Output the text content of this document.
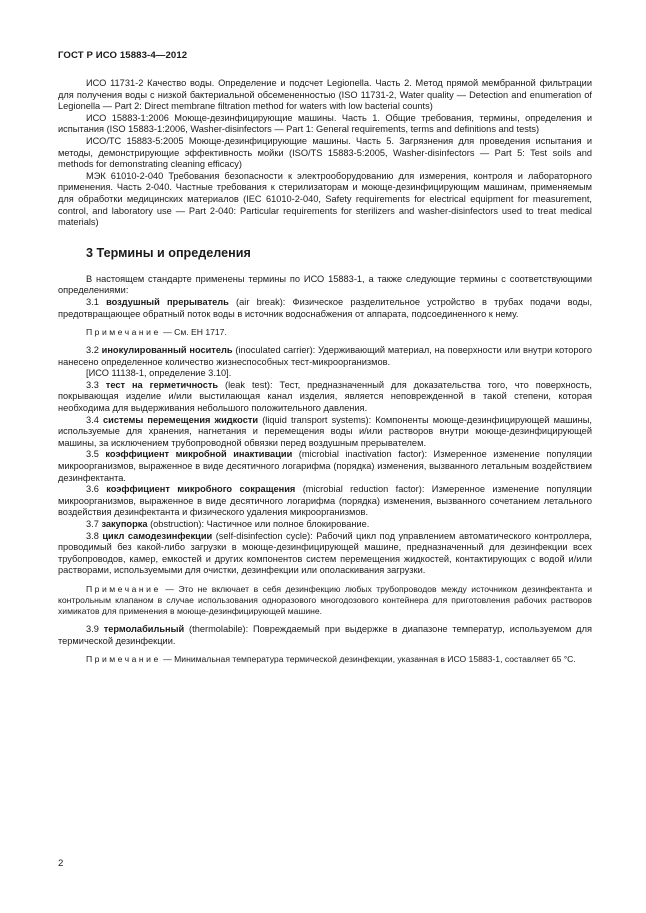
ГОСТ Р ИСО 15883-4—2012

ИСО 11731-2 Качество воды. Определение и подсчет Legionella. Часть 2. Метод прямой мембранной фильтрации для получения воды с низкой бактериальной обсемененностью (ISO 11731-2, Water quality — Detection and enumeration of Legionella — Part 2: Direct membrane filtration method for waters with low bacterial counts)

ИСО 15883-1:2006 Моюще-дезинфицирующие машины. Часть 1. Общие требования, термины, определения и испытания (ISO 15883-1:2006, Washer-disinfectors — Part 1: General requirements, terms and definitions and tests)

ИСО/ТС 15883-5:2005 Моюще-дезинфицирующие машины. Часть 5. Загрязнения для проведения испытания и методы, демонстрирующие эффективность мойки (ISO/TS 15883-5:2005, Washer-disinfectors — Part 5: Test soils and methods for demonstrating cleaning efficacy)

МЭК 61010-2-040 Требования безопасности к электрооборудованию для измерения, контроля и лабораторного применения. Часть 2-040. Частные требования к стерилизаторам и моюще-дезинфицирующим машинам, применяемым для обработки медицинских материалов (IEC 61010-2-040, Safety requirements for electrical equipment for measurement, control, and laboratory use — Part 2-040: Particular requirements for sterilizers and washer-disinfectors used to treat medical materials)

3 Термины и определения

В настоящем стандарте применены термины по ИСО 15883-1, а также следующие термины с соответствующими определениями:

3.1 воздушный прерыватель (air break): Физическое разделительное устройство в трубах подачи воды, предотвращающее обратный поток воды в источник водоснабжения от аппарата, подсоединенного к нему.

Примечание — См. ЕН 1717.

3.2 инокулированный носитель (inoculated carrier): Удерживающий материал, на поверхности или внутри которого нанесено определенное количество жизнеспособных тест-микроорганизмов.

[ИСО 11138-1, определение 3.10].

3.3 тест на герметичность (leak test): Тест, предназначенный для доказательства того, что поверхность, покрывающая изделие и/или выстилающая канал изделия, является неповрежденной в такой степени, которая необходима для выдерживания небольшого положительного давления.

3.4 системы перемещения жидкости (liquid transport systems): Компоненты моюще-дезинфицирующей машины, используемые для хранения, нагнетания и перемещения воды и/или растворов внутри моюще-дезинфицирующей машины, за исключением трубопроводной обвязки перед воздушным прерывателем.

3.5 коэффициент микробной инактивации (microbial inactivation factor): Измеренное изменение популяции микроорганизмов, выраженное в виде десятичного логарифма (порядка) изменения, вызванного летальным воздействием дезинфектанта.

3.6 коэффициент микробного сокращения (microbial reduction factor): Измеренное изменение популяции микроорганизмов, выраженное в виде десятичного логарифма (порядка) изменения, вызванного сочетанием летального воздействия дезинфектанта и физического удаления микроорганизмов.

3.7 закупорка (obstruction): Частичное или полное блокирование.

3.8 цикл самодезинфекции (self-disinfection cycle): Рабочий цикл под управлением автоматического контроллера, проводимый без какой-либо загрузки в моюще-дезинфицирующей машине, предназначенный для дезинфекции всех трубопроводов, камер, емкостей и других компонентов систем перемещения жидкостей, контактирующих с водой и/или растворами, используемыми для очистки, дезинфекции или ополаскивания загрузки.

Примечание — Это не включает в себя дезинфекцию любых трубопроводов между источником дезинфектанта и контрольным клапаном в случае использования одноразового многодозового контейнера для приготовления рабочих растворов химикатов для применения в моюще-дезинфицирующей машине.

3.9 термолабильный (thermolabile): Повреждаемый при выдержке в диапазоне температур, используемом для термической дезинфекции.

Примечание — Минимальная температура термической дезинфекции, указанная в ИСО 15883-1, составляет 65 °С.

2
